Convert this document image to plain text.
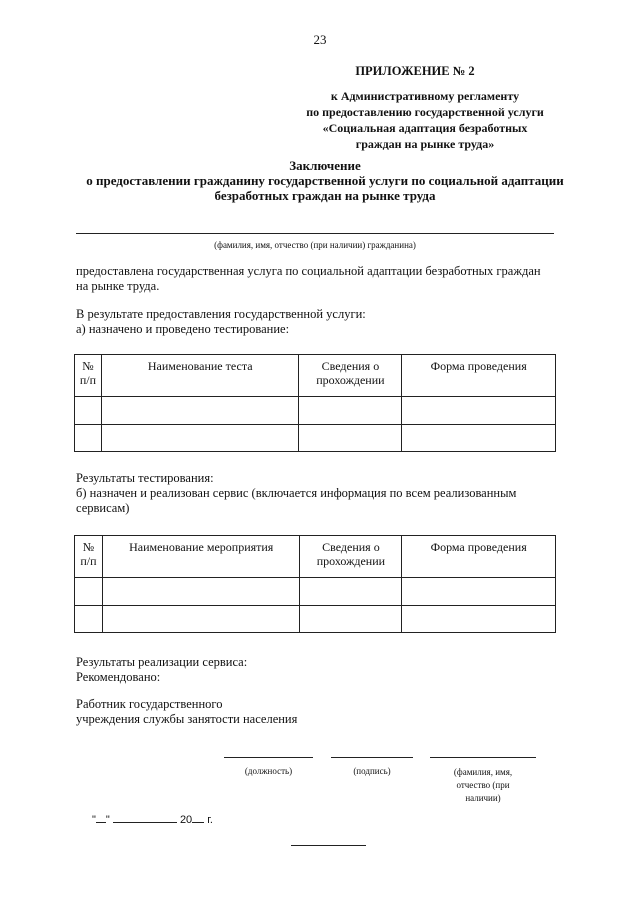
23
ПРИЛОЖЕНИЕ № 2
к Административному регламенту
по предоставлению государственной услуги
«Социальная адаптация безработных
граждан на рынке труда»
Заключение
о предоставлении гражданину государственной услуги по социальной адаптации
безработных граждан на рынке труда
(фамилия, имя, отчество (при наличии) гражданина)
предоставлена государственная услуга по социальной адаптации безработных граждан
на рынке труда.
В результате предоставления государственной услуги:
а) назначено и проведено тестирование:
№ п/п	Наименование теста	Сведения о прохождении	Форма проведения

Результаты тестирования:
б) назначен и реализован сервис (включается информация по всем реализованным
сервисам)
№ п/п	Наименование мероприятия	Сведения о прохождении	Форма проведения

Результаты реализации сервиса:
Рекомендовано:
Работник государственного
учреждения службы занятости населения
(должность)	(подпись)	(фамилия, имя,
отчество (при
наличии)
" "	20 г.
